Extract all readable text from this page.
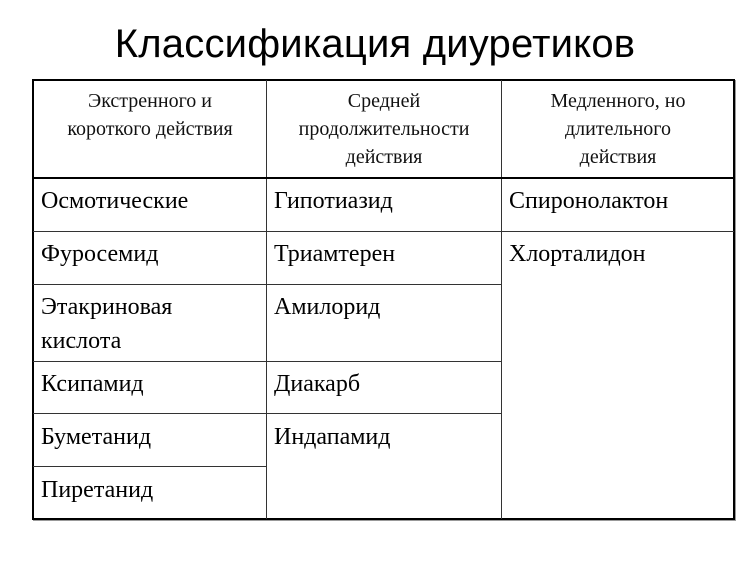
Классификация диуретиков
Экстренного и
короткого действия
Средней
продолжительности
действия
Медленного, но
длительного
действия
Осмотические
Фуросемид
Этакриновая
кислота
Ксипамид
Буметанид
Пиретанид
Гипотиазид
Триамтерен
Амилорид
Диакарб
Индапамид
Спиронолактон
Хлорталидон
